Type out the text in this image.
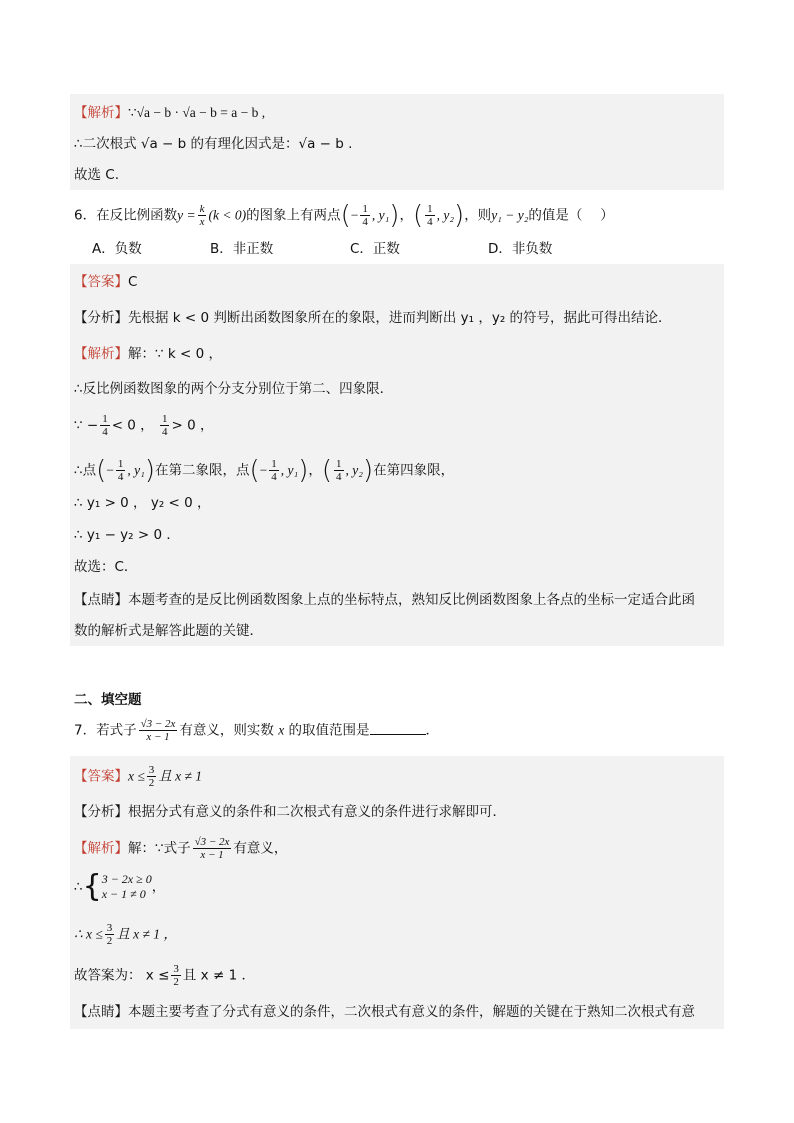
【解析】∵√a − b · √a − b = a − b ,
∴二次根式 √a − b 的有理化因式是：√a − b .
故选 C.
6．在反比例函数$y = \frac{k}{x} (k < 0)$的图象上有两点(− $\frac{1}{4}$ , y₁)，( $\frac{1}{4}$ , y₂)，则y₁ − y₂的值是（　 ）
A．负数	B．非正数	C．正数	D．非负数
【答案】C
【分析】先根据 k < 0 判断出函数图象所在的象限，进而判断出 y₁ ，y₂ 的符号，据此可得出结论．
【解析】解：∵ k < 0 ，
∴反比例函数图象的两个分支分别位于第二、四象限．
∵ − $\frac{1}{4} < 0$ ， $\frac{1}{4} > 0$ ，
∴点(− $\frac{1}{4}$ , y₁)在第二象限，点(− $\frac{1}{4}$ , y₁)，( $\frac{1}{4}$ , y₂)在第四象限，
∴ y₁ > 0 ， y₂ < 0 ，
∴ y₁ − y₂ > 0 ．
故选：C．
【点睛】本题考查的是反比例函数图象上点的坐标特点，熟知反比例函数图象上各点的坐标一定适合此函
数的解析式是解答此题的关键．
二、填空题
7．若式子 $\frac{√3 - 2x}{x - 1}$ 有意义，则实数 x 的取值范围是	．
【答案】$x \le \frac{3}{2}$ 且 x ≠ 1
【分析】根据分式有意义的条件和二次根式有意义的条件进行求解即可．
【解析】解：∵式子 $\frac{√3 - 2x}{x - 1}$ 有意义，
∴{ 3 − 2x ≥ 0
x − 1 ≠ 0 ，
∴ $x \le \frac{3}{2}$ 且 x ≠ 1 ，
故答案为： $x \le \frac{3}{2}$ 且 x ≠ 1 ．
【点睛】本题主要考查了分式有意义的条件，二次根式有意义的条件，解题的关键在于熟知二次根式有意
